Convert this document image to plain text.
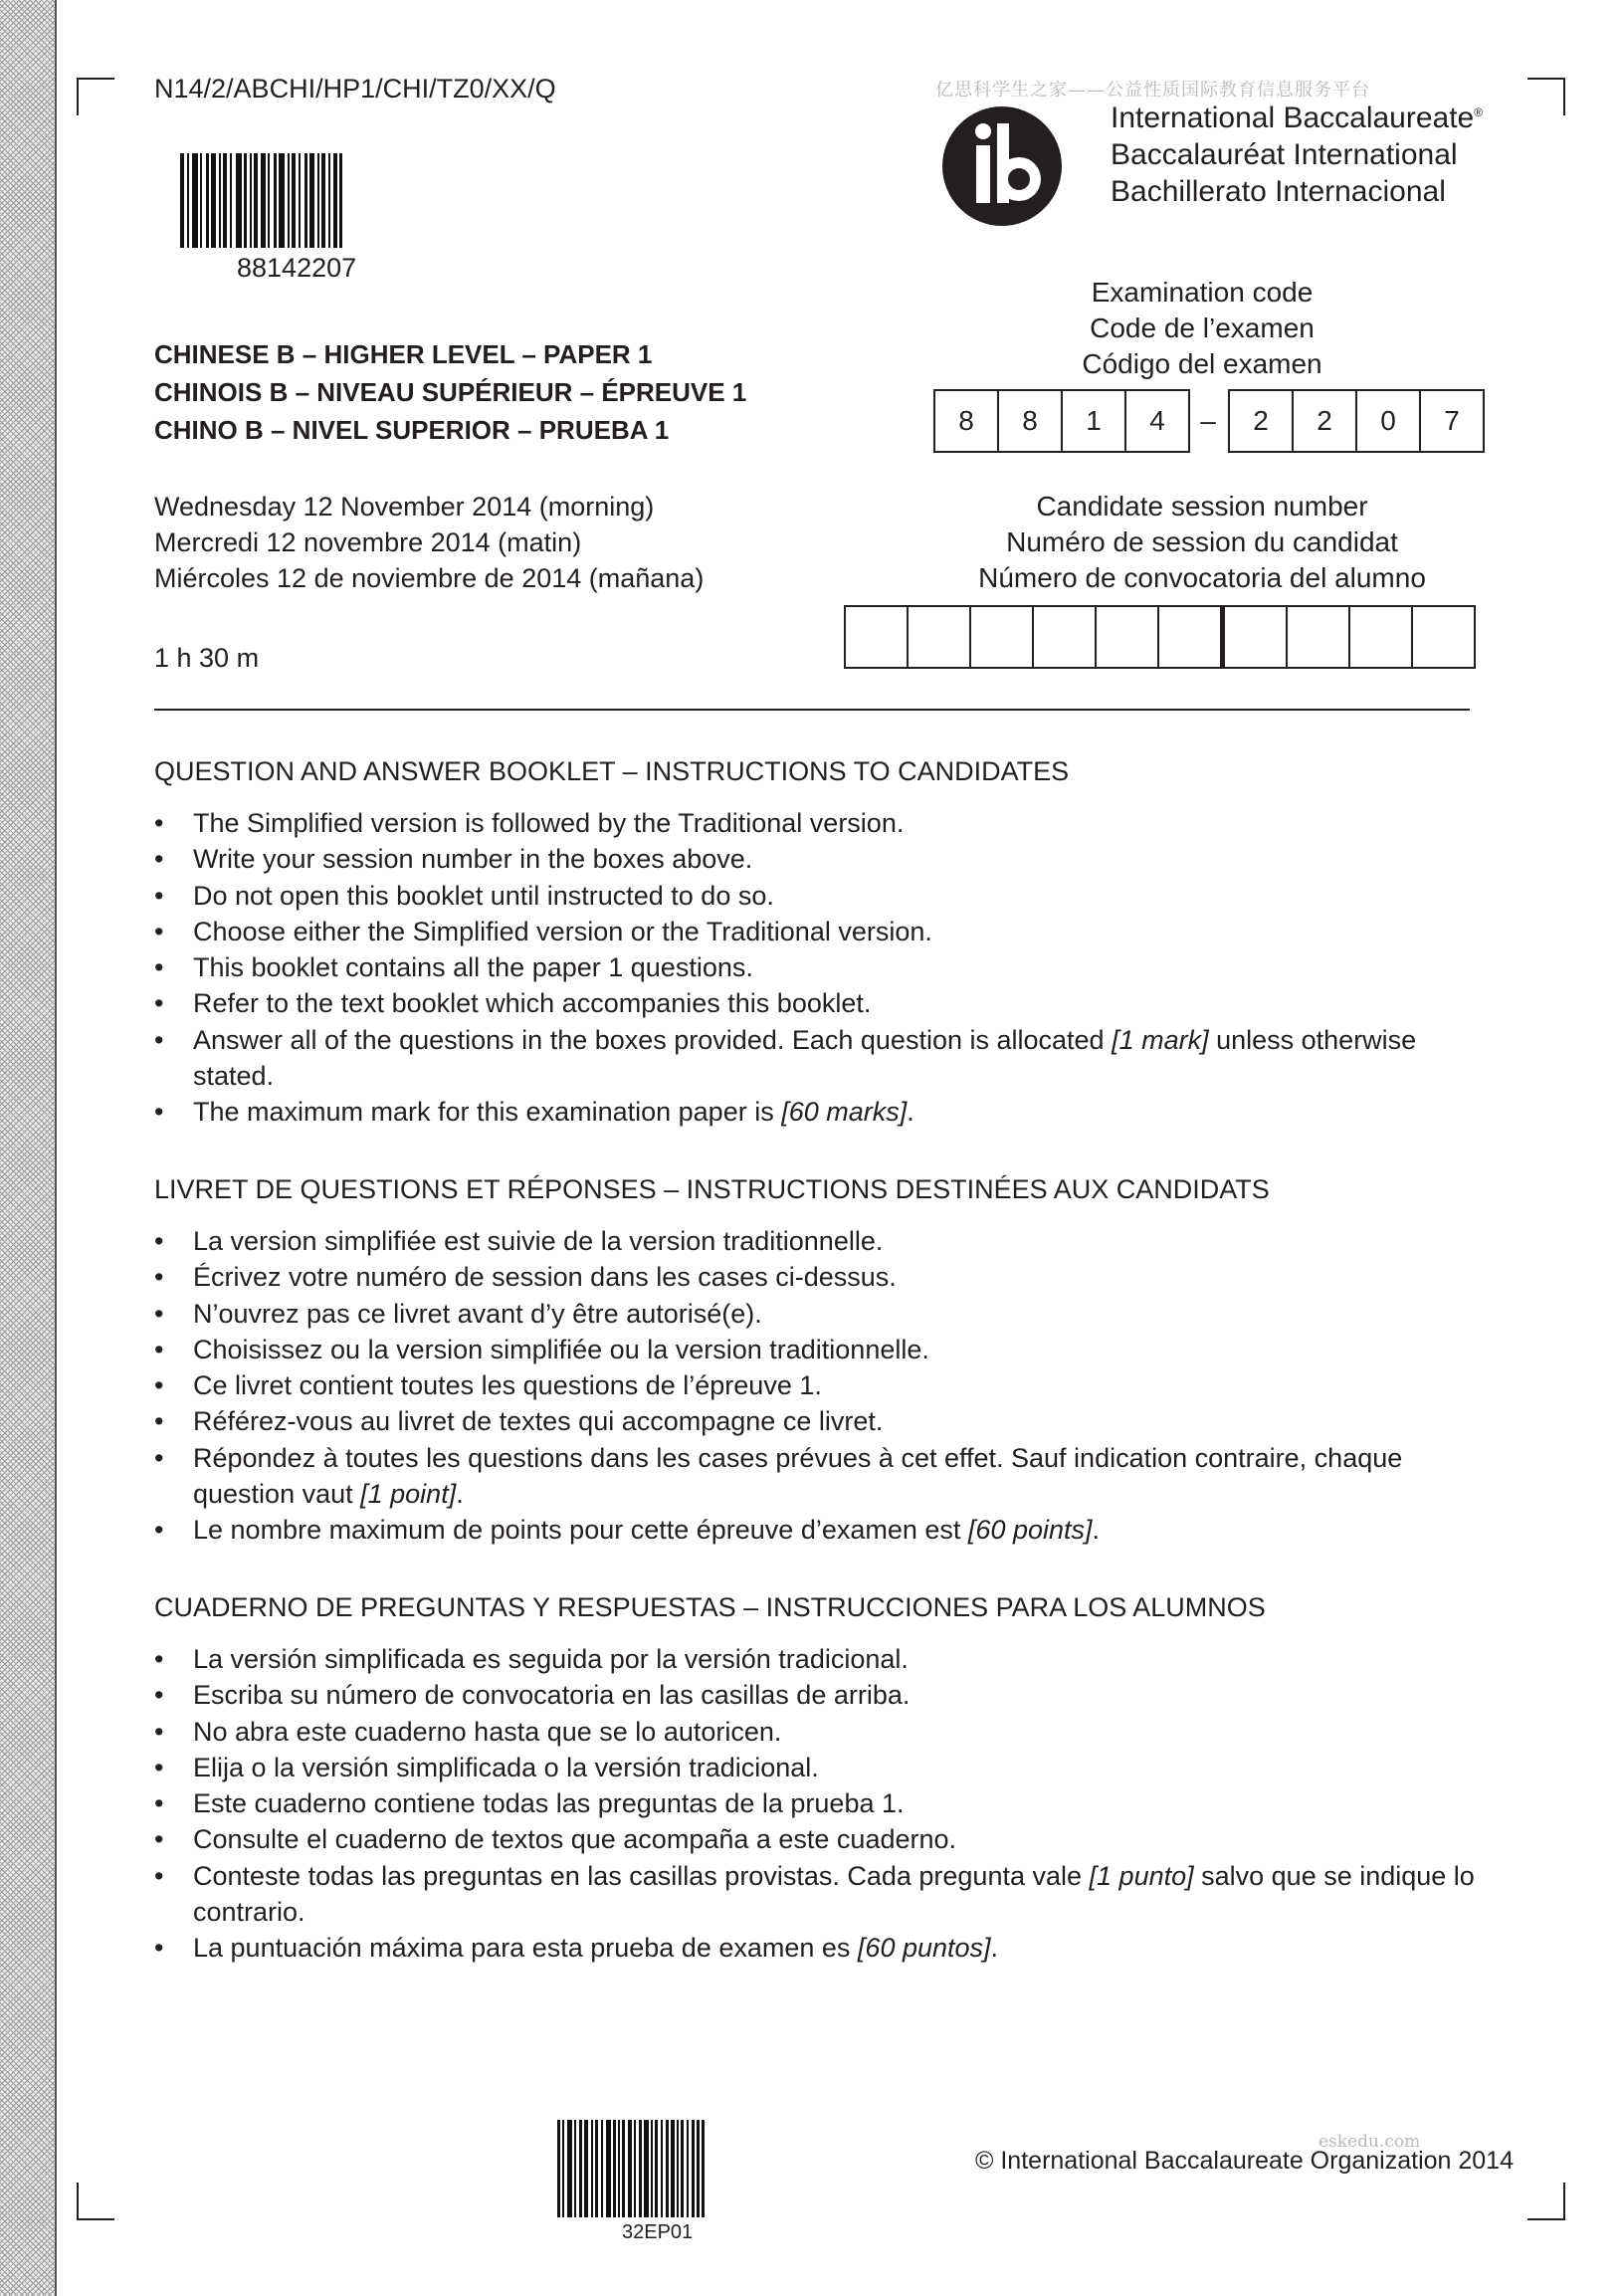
N14/2/ABCHI/HP1/CHI/TZ0/XX/Q
88142207
亿思科学生之家——公益性质国际教育信息服务平台
International Baccalaureate®
Baccalauréat International
Bachillerato Internacional
CHINESE B – HIGHER LEVEL – PAPER 1
CHINOIS B – NIVEAU SUPÉRIEUR – ÉPREUVE 1
CHINO B – NIVEL SUPERIOR – PRUEBA 1
Examination code
Code de l’examen
Código del examen
8	8	1	4	–	2	2	0	7
Wednesday 12 November 2014 (morning)
Mercredi 12 novembre 2014 (matin)
Miércoles 12 de noviembre de 2014 (mañana)
1 h 30 m
Candidate session number
Numéro de session du candidat
Número de convocatoria del alumno
QUESTION AND ANSWER BOOKLET – INSTRUCTIONS TO CANDIDATES
• The Simplified version is followed by the Traditional version.
• Write your session number in the boxes above.
• Do not open this booklet until instructed to do so.
• Choose either the Simplified version or the Traditional version.
• This booklet contains all the paper 1 questions.
• Refer to the text booklet which accompanies this booklet.
• Answer all of the questions in the boxes provided. Each question is allocated [1 mark] unless otherwise stated.
• The maximum mark for this examination paper is [60 marks].
LIVRET DE QUESTIONS ET RÉPONSES – INSTRUCTIONS DESTINÉES AUX CANDIDATS
• La version simplifiée est suivie de la version traditionnelle.
• Écrivez votre numéro de session dans les cases ci-dessus.
• N’ouvrez pas ce livret avant d’y être autorisé(e).
• Choisissez ou la version simplifiée ou la version traditionnelle.
• Ce livret contient toutes les questions de l’épreuve 1.
• Référez-vous au livret de textes qui accompagne ce livret.
• Répondez à toutes les questions dans les cases prévues à cet effet. Sauf indication contraire, chaque question vaut [1 point].
• Le nombre maximum de points pour cette épreuve d’examen est [60 points].
CUADERNO DE PREGUNTAS Y RESPUESTAS – INSTRUCCIONES PARA LOS ALUMNOS
• La versión simplificada es seguida por la versión tradicional.
• Escriba su número de convocatoria en las casillas de arriba.
• No abra este cuaderno hasta que se lo autoricen.
• Elija o la versión simplificada o la versión tradicional.
• Este cuaderno contiene todas las preguntas de la prueba 1.
• Consulte el cuaderno de textos que acompaña a este cuaderno.
• Conteste todas las preguntas en las casillas provistas. Cada pregunta vale [1 punto] salvo que se indique lo contrario.
• La puntuación máxima para esta prueba de examen es [60 puntos].
32EP01
eskedu.com
© International Baccalaureate Organization 2014
